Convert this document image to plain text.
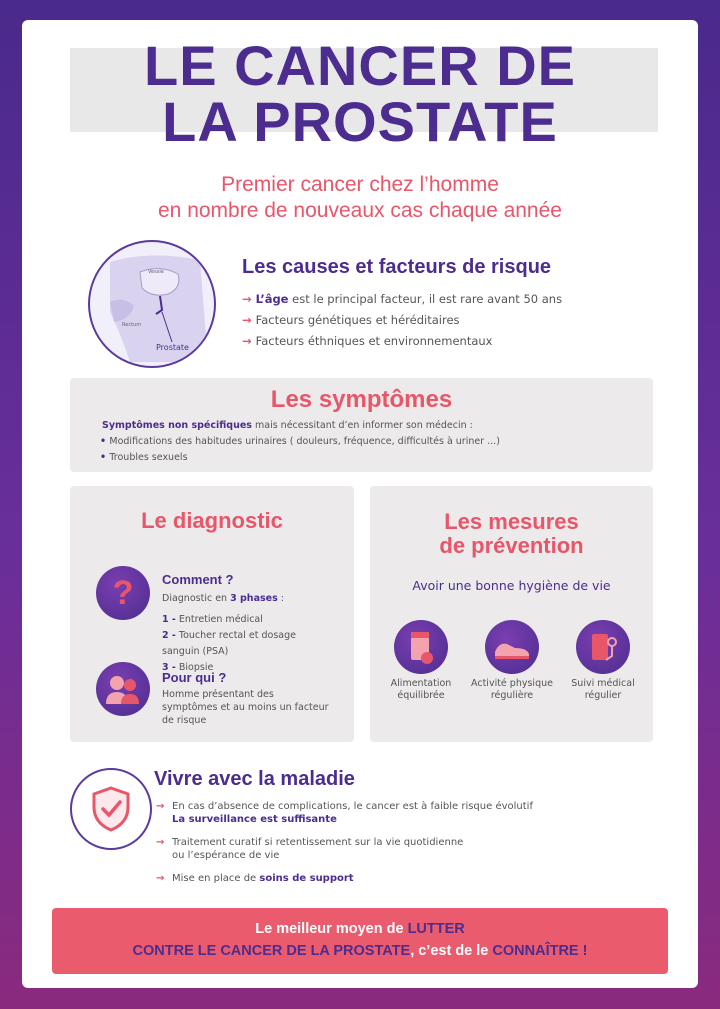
LE CANCER DE
LA PROSTATE
Premier cancer chez l’homme
en nombre de nouveaux cas chaque année
Vessie
Rectum
Prostate
Les causes et facteurs de risque
→ L’âge est le principal facteur, il est rare avant 50 ans
→ Facteurs génétiques et héréditaires
→ Facteurs éthniques et environnementaux
Les symptômes
Symptômes non spécifiques mais nécessitant d’en informer son médecin :
• Modifications des habitudes urinaires ( douleurs, fréquence, difficultés à uriner ...)
• Troubles sexuels
Le diagnostic
?	Comment ?
Diagnostic en 3 phases :
1 - Entretien médical
2 - Toucher rectal et dosage sanguin (PSA)
3 - Biopsie
Pour qui ?
Homme présentant des symptômes et au moins un facteur de risque
Les mesures
de prévention
Avoir une bonne hygiène de vie
Alimentation équilibrée
Activité physique régulière
Suivi médical régulier
Vivre avec la maladie
→ En cas d’absence de complications, le cancer est à faible risque évolutif
La surveillance est suffisante
→ Traitement curatif si retentissement sur la vie quotidienne
ou l’espérance de vie
→ Mise en place de soins de support
Le meilleur moyen de LUTTER
CONTRE LE CANCER DE LA PROSTATE, c’est de le CONNAÎTRE !
